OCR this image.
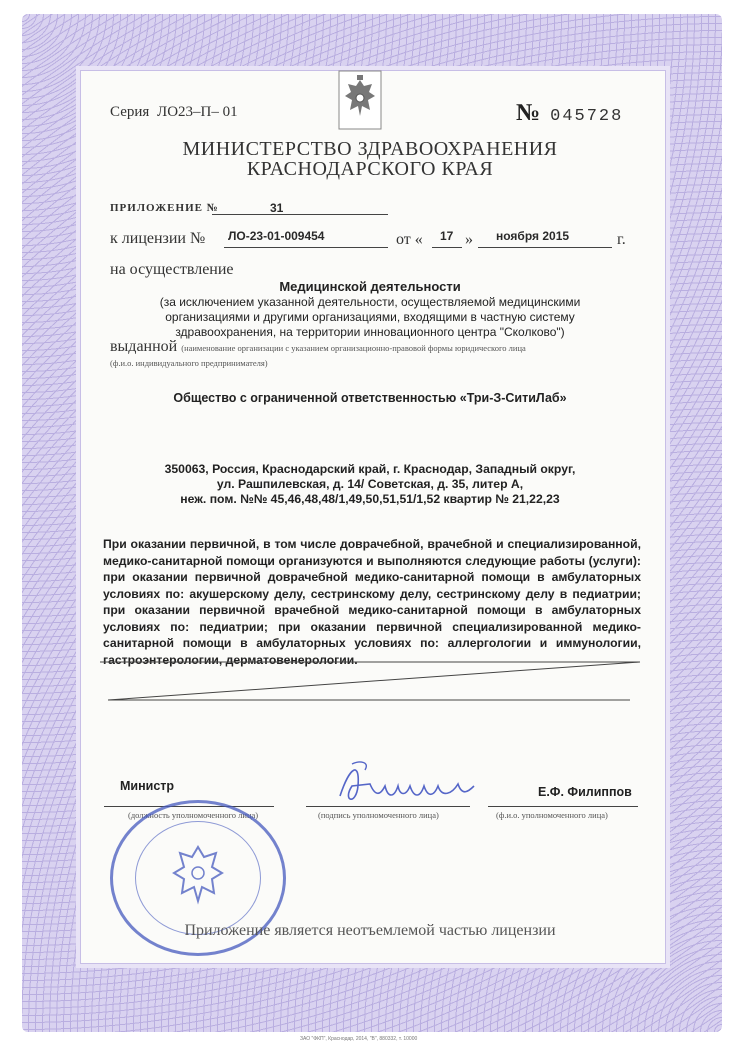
Серия ЛО23–П– 01	№ 045728
МИНИСТЕРСТВО ЗДРАВООХРАНЕНИЯ
КРАСНОДАРСКОГО КРАЯ
ПРИЛОЖЕНИЕ №	31
к лицензии № ЛО-23-01-009454	от « 17 » ноября 2015	г.
на осуществление
Медицинской деятельности
(за исключением указанной деятельности, осуществляемой медицинскими
организациями и другими организациями, входящими в частную систему
здравоохранения, на территории инновационного центра "Сколково")
выданной (наименование организации с указанием организационно-правовой формы юридического лица
(ф.и.о. индивидуального предпринимателя)
Общество с ограниченной ответственностью «Три-З-СитиЛаб»
350063, Россия, Краснодарский край, г. Краснодар, Западный округ,
ул. Рашпилевская, д. 14/ Советская, д. 35, литер А,
неж. пом. №№ 45,46,48,48/1,49,50,51,51/1,52 квартир № 21,22,23
При оказании первичной, в том числе доврачебной, врачебной и специализированной, медико-санитарной помощи организуются и выполняются следующие работы (услуги): при оказании первичной доврачебной медико-санитарной помощи в амбулаторных условиях по: акушерскому делу, сестринскому делу, сестринскому делу в педиатрии; при оказании первичной врачебной медико-санитарной помощи в амбулаторных условиях по: педиатрии; при оказании первичной специализированной медико-санитарной помощи в амбулаторных условиях по: аллергологии и иммунологии, гастроэнтерологии, дерматовенерологии.
Министр	Е.Ф. Филиппов
(должность уполномоченного лица)	(подпись уполномоченного лица)	(ф.и.о. уполномоченного лица)
Приложение является неотъемлемой частью лицензии
ЗАО "ФКП", Краснодар, 2014, "В", 880332, т. 10000
